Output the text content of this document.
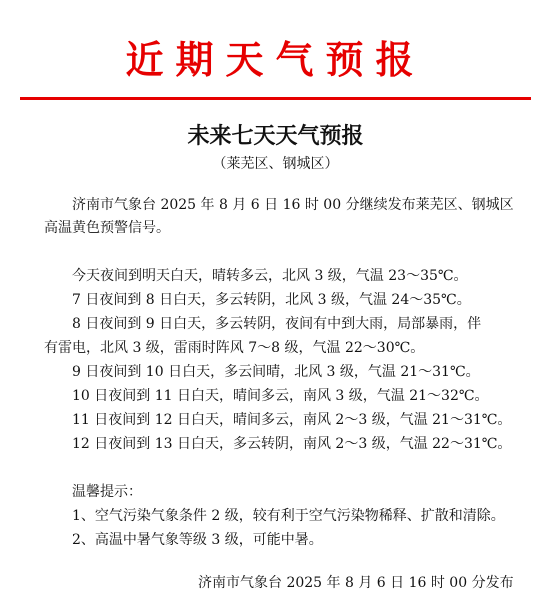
近期天气预报
未来七天天气预报
（莱芜区、钢城区）
济南市气象台 2025 年 8 月 6 日 16 时 00 分继续发布莱芜区、钢城区
高温黄色预警信号。
今天夜间到明天白天，晴转多云，北风 3 级，气温 23～35℃。
7 日夜间到 8 日白天，多云转阴，北风 3 级，气温 24～35℃。
8 日夜间到 9 日白天，多云转阴，夜间有中到大雨，局部暴雨，伴
有雷电，北风 3 级，雷雨时阵风 7～8 级，气温 22～30℃。
9 日夜间到 10 日白天，多云间晴，北风 3 级，气温 21～31℃。
10 日夜间到 11 日白天，晴间多云，南风 3 级，气温 21～32℃。
11 日夜间到 12 日白天，晴间多云，南风 2～3 级，气温 21～31℃。
12 日夜间到 13 日白天，多云转阴，南风 2～3 级，气温 22～31℃。
温馨提示：
1、空气污染气象条件 2 级，较有利于空气污染物稀释、扩散和清除。
2、高温中暑气象等级 3 级，可能中暑。
济南市气象台 2025 年 8 月 6 日 16 时 00 分发布
